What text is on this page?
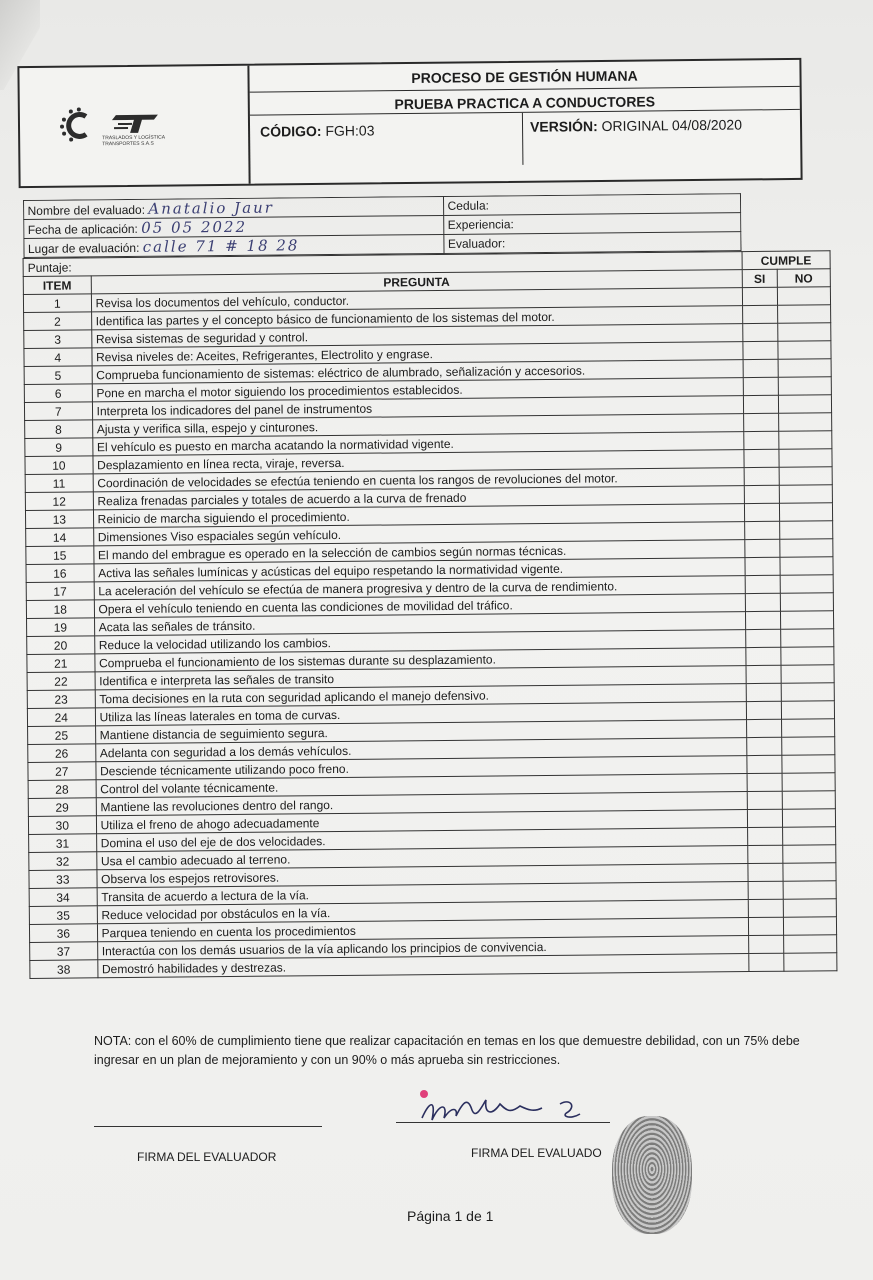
TRASLADOS Y LOGÍSTICA TRANSPORTES S.A.S
PROCESO DE GESTIÓN HUMANA
PRUEBA PRACTICA A CONDUCTORES
CÓDIGO: FGH:03	VERSIÓN: ORIGINAL 04/08/2020
Nombre del evaluado: Anatalio Jaur	Cedula:
Fecha de aplicación: 05 05 2022	Experiencia:
Lugar de evaluación: calle 71 # 18 28	Evaluador:

Puntaje:	CUMPLE
ITEM	PREGUNTA	SI	NO
1	Revisa los documentos del vehículo, conductor.		
2	Identifica las partes y el concepto básico de funcionamiento de los sistemas del motor.		
3	Revisa sistemas de seguridad y control.		
4	Revisa niveles de: Aceites, Refrigerantes, Electrolito y engrase.		
5	Comprueba funcionamiento de sistemas: eléctrico de alumbrado, señalización y accesorios.		
6	Pone en marcha el motor siguiendo los procedimientos establecidos.		
7	Interpreta los indicadores del panel de instrumentos		
8	Ajusta y verifica silla, espejo y cinturones.		
9	El vehículo es puesto en marcha acatando la normatividad vigente.		
10	Desplazamiento en línea recta, viraje, reversa.		
11	Coordinación de velocidades se efectúa teniendo en cuenta los rangos de revoluciones del motor.		
12	Realiza frenadas parciales y totales de acuerdo a la curva de frenado		
13	Reinicio de marcha siguiendo el procedimiento.		
14	Dimensiones Viso espaciales según vehículo.		
15	El mando del embrague es operado en la selección de cambios según normas técnicas.		
16	Activa las señales lumínicas y acústicas del equipo respetando la normatividad vigente.		
17	La aceleración del vehículo se efectúa de manera progresiva y dentro de la curva de rendimiento.		
18	Opera el vehículo teniendo en cuenta las condiciones de movilidad del tráfico.		
19	Acata las señales de tránsito.		
20	Reduce la velocidad utilizando los cambios.		
21	Comprueba el funcionamiento de los sistemas durante su desplazamiento.		
22	Identifica e interpreta las señales de transito		
23	Toma decisiones en la ruta con seguridad aplicando el manejo defensivo.		
24	Utiliza las líneas laterales en toma de curvas.		
25	Mantiene distancia de seguimiento segura.		
26	Adelanta con seguridad a los demás vehículos.		
27	Desciende técnicamente utilizando poco freno.		
28	Control del volante técnicamente.		
29	Mantiene las revoluciones dentro del rango.		
30	Utiliza el freno de ahogo adecuadamente		
31	Domina el uso del eje de dos velocidades.		
32	Usa el cambio adecuado al terreno.		
33	Observa los espejos retrovisores.		
34	Transita de acuerdo a lectura de la vía.		
35	Reduce velocidad por obstáculos en la vía.		
36	Parquea teniendo en cuenta los procedimientos		
37	Interactúa con los demás usuarios de la vía aplicando los principios de convivencia.		
38	Demostró habilidades y destrezas.		
NOTA: con el 60% de cumplimiento tiene que realizar capacitación en temas en los que demuestre debilidad, con un 75% debe ingresar en un plan de mejoramiento y con un 90% o más aprueba sin restricciones.
FIRMA DEL EVALUADOR	FIRMA DEL EVALUADO
Página 1 de 1
